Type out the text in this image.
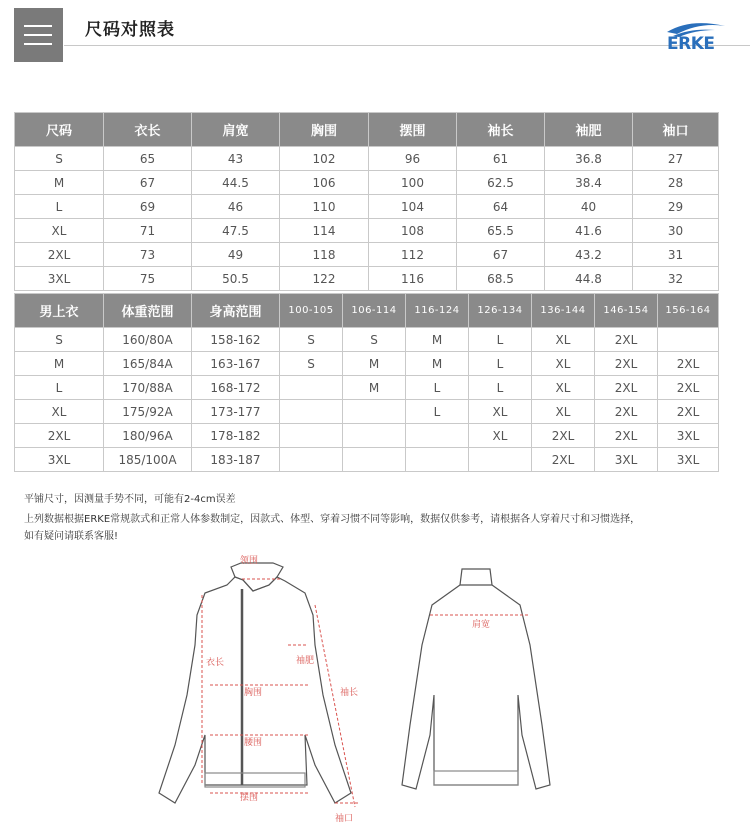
尺码对照表
ERKE
尺码	衣长	肩宽	胸围	摆围	袖长	袖肥	袖口
S	65	43	102	96	61	36.8	27
M	67	44.5	106	100	62.5	38.4	28
L	69	46	110	104	64	40	29
XL	71	47.5	114	108	65.5	41.6	30
2XL	73	49	118	112	67	43.2	31
3XL	75	50.5	122	116	68.5	44.8	32
男上衣	体重范围	身高范围	100-105	106-114	116-124	126-134	136-144	146-154	156-164
S	160/80A	158-162	S	S	M	L	XL	2XL	
M	165/84A	163-167	S	M	M	L	XL	2XL	2XL
L	170/88A	168-172		M	L	L	XL	2XL	2XL
XL	175/92A	173-177			L	XL	XL	2XL	2XL
2XL	180/96A	178-182				XL	2XL	2XL	3XL
3XL	185/100A	183-187					2XL	3XL	3XL
平铺尺寸，因测量手势不同，可能有2-4cm误差
上列数据根据ERKE常规款式和正常人体参数制定，因款式、体型、穿着习惯不同等影响，数据仅供参考，请根据各人穿着尺寸和习惯选择，
如有疑问请联系客服!
领围
衣长	袖肥
胸围	袖长
腰围
摆围
袖口
肩宽
